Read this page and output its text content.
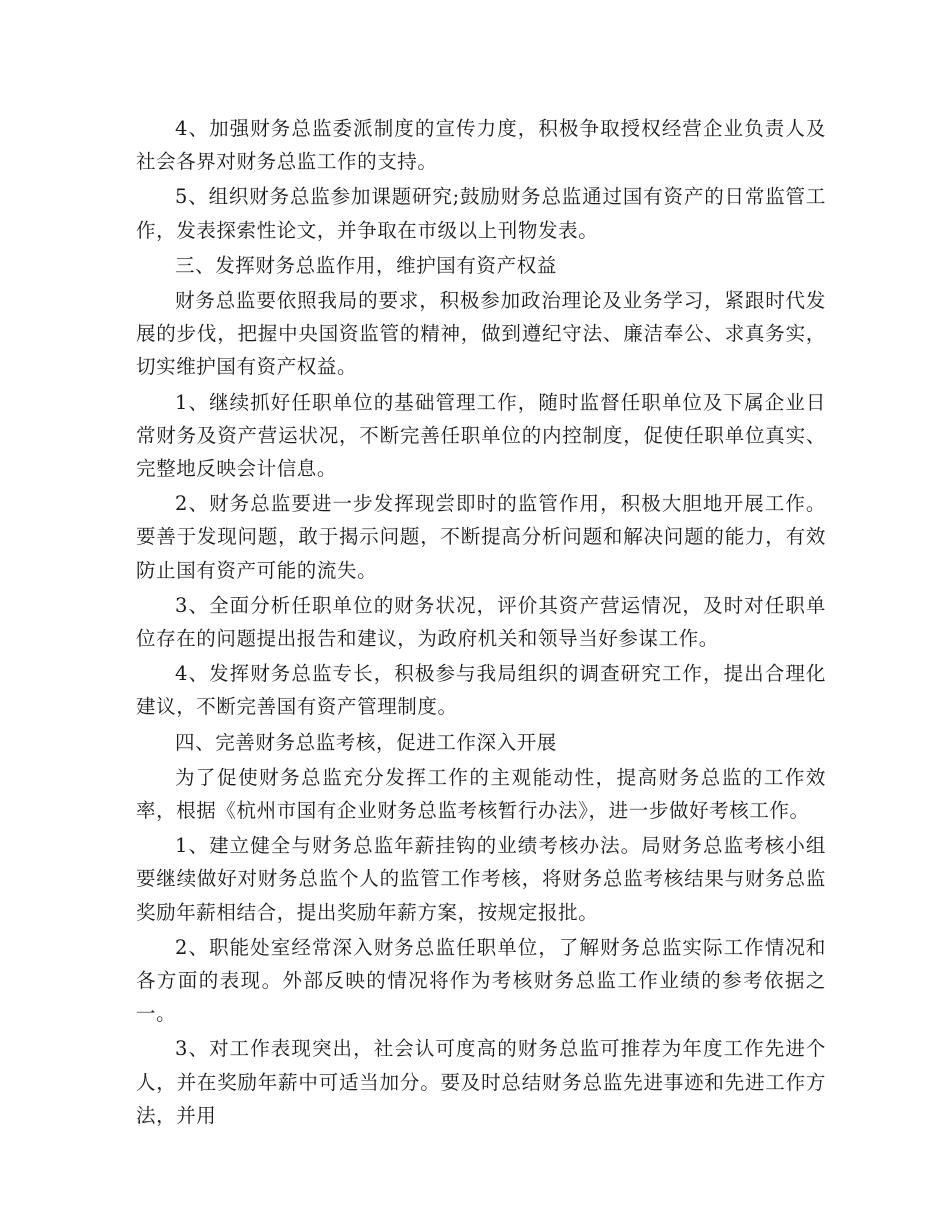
4、加强财务总监委派制度的宣传力度，积极争取授权经营企业负责人及社会各界对财务总监工作的支持。

5、组织财务总监参加课题研究;鼓励财务总监通过国有资产的日常监管工作，发表探索性论文，并争取在市级以上刊物发表。

三、发挥财务总监作用，维护国有资产权益

财务总监要依照我局的要求，积极参加政治理论及业务学习，紧跟时代发展的步伐，把握中央国资监管的精神，做到遵纪守法、廉洁奉公、求真务实，切实维护国有资产权益。

1、继续抓好任职单位的基础管理工作，随时监督任职单位及下属企业日常财务及资产营运状况，不断完善任职单位的内控制度，促使任职单位真实、完整地反映会计信息。

2、财务总监要进一步发挥现尝即时的监管作用，积极大胆地开展工作。要善于发现问题，敢于揭示问题，不断提高分析问题和解决问题的能力，有效防止国有资产可能的流失。

3、全面分析任职单位的财务状况，评价其资产营运情况，及时对任职单位存在的问题提出报告和建议，为政府机关和领导当好参谋工作。

4、发挥财务总监专长，积极参与我局组织的调查研究工作，提出合理化建议，不断完善国有资产管理制度。

四、完善财务总监考核，促进工作深入开展

为了促使财务总监充分发挥工作的主观能动性，提高财务总监的工作效率，根据《杭州市国有企业财务总监考核暂行办法》，进一步做好考核工作。

1、建立健全与财务总监年薪挂钩的业绩考核办法。局财务总监考核小组要继续做好对财务总监个人的监管工作考核，将财务总监考核结果与财务总监奖励年薪相结合，提出奖励年薪方案，按规定报批。

2、职能处室经常深入财务总监任职单位，了解财务总监实际工作情况和各方面的表现。外部反映的情况将作为考核财务总监工作业绩的参考依据之一。

3、对工作表现突出，社会认可度高的财务总监可推荐为年度工作先进个人，并在奖励年薪中可适当加分。要及时总结财务总监先进事迹和先进工作方法，并用
